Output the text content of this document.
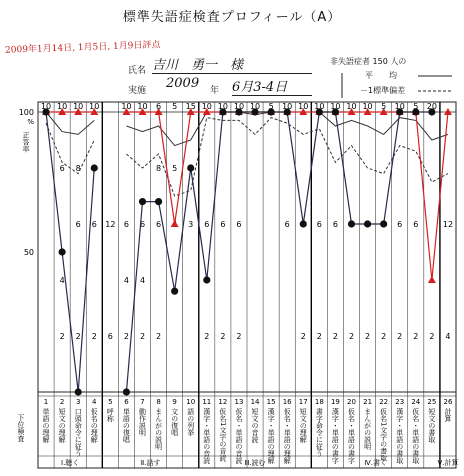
標準失語症検査プロフィール（A）
2009年1月14日, 1月5日, 1月9日評点
氏名 吉川　勇一　様
実施 2009 年 6月3-4日
非失語症者 150 人の
平　　均
－1標準偏差
6 8	8 5
6 6 12 6 6 6	3 6 6 6	6	6 6	6 6	12
4	4 4
2 2 2 6 2 2 2	2 2 2	2 2 2 2 2 2 2 2 2 4
10 10 10 10	10 10 6 5 15 10 10 10 10 5 10 10 10 10 10 10 5 10 5 20
下位検査
1 2 3 4 5 6 7 8 9 10 11 12 13 14 15 16 17 18 19 20 21 22 23 24 25 26
単語の理解 短文の理解 口頭命令に従う 仮名の理解 呼称 単語の復唱 動作説明 まんがの説明 文の復唱 語の列挙 漢字・単語の音読 仮名1文字の音読 仮名・単語の音読 短文の音読 漢字・単語の理解 仮名・単語の理解 短文の理解 書字命令に従う 漢字・単語の書字 仮名・単語の書字 まんがの説明 仮名1文字の書取 漢字・単語の書取 仮名・単語の書取 短文の書取 計算
Ⅰ.聴く	Ⅱ.話す	Ⅲ.読む	Ⅳ.書く	Ⅴ.計算
100
50
%
正答率
